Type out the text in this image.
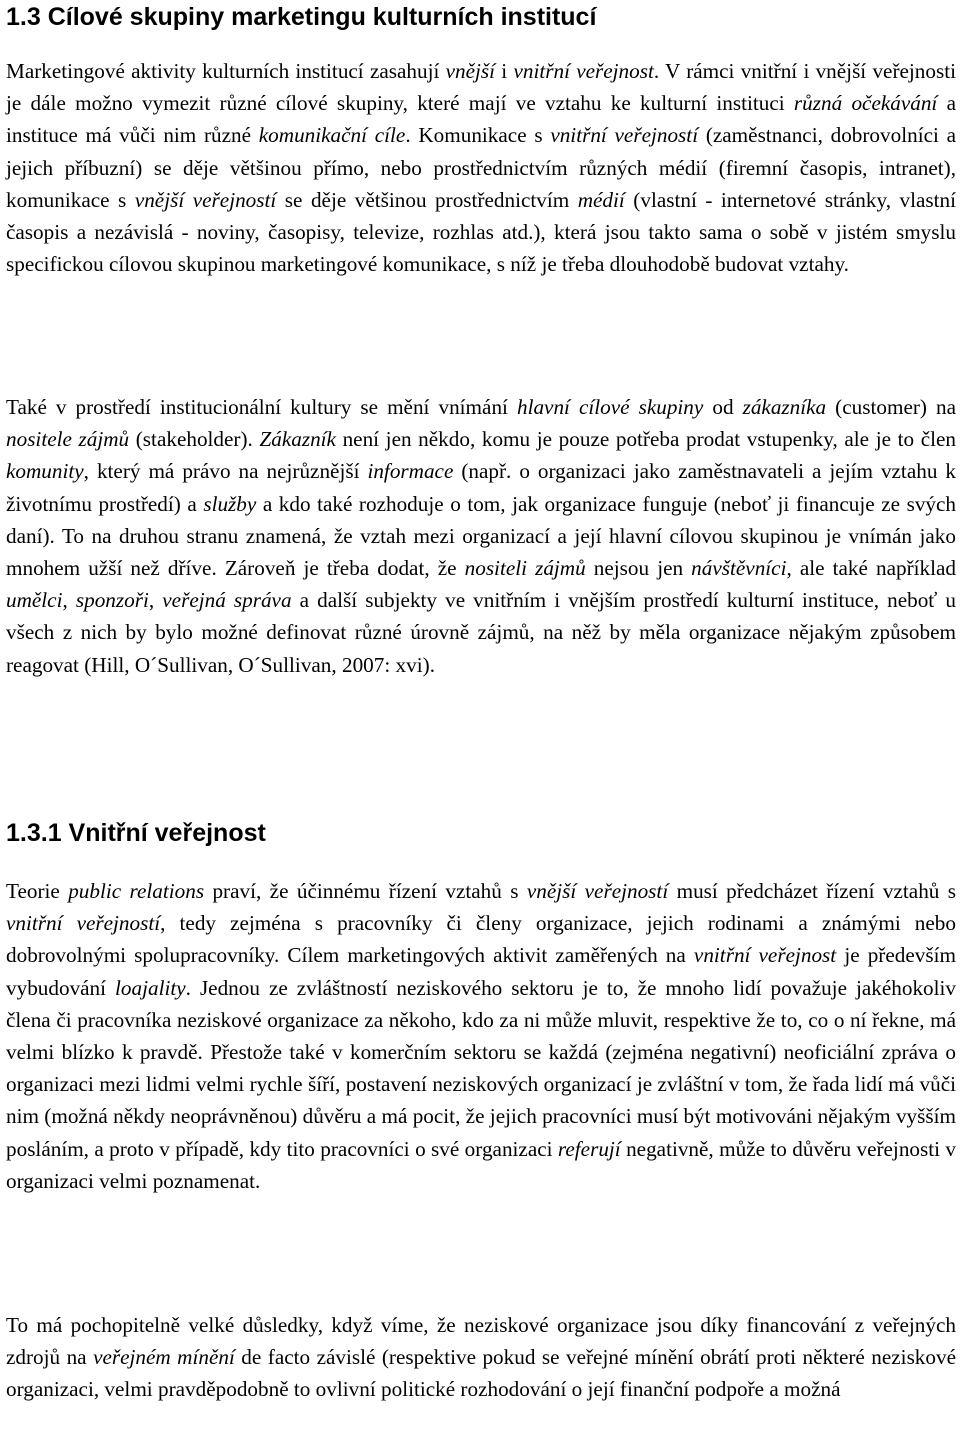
1.3 Cílové skupiny marketingu kulturních institucí

Marketingové aktivity kulturních institucí zasahují vnější i vnitřní veřejnost. V rámci vnitřní i vnější veřejnosti je dále možno vymezit různé cílové skupiny, které mají ve vztahu ke kulturní instituci různá očekávání a instituce má vůči nim různé komunikační cíle. Komunikace s vnitřní veřejností (zaměstnanci, dobrovolníci a jejich příbuzní) se děje většinou přímo, nebo prostřednictvím různých médií (firemní časopis, intranet), komunikace s vnější veřejností se děje většinou prostřednictvím médií (vlastní - internetové stránky, vlastní časopis a nezávislá - noviny, časopisy, televize, rozhlas atd.), která jsou takto sama o sobě v jistém smyslu specifickou cílovou skupinou marketingové komunikace, s níž je třeba dlouhodobě budovat vztahy.

Také v prostředí institucionální kultury se mění vnímání hlavní cílové skupiny od zákazníka (customer) na nositele zájmů (stakeholder). Zákazník není jen někdo, komu je pouze potřeba prodat vstupenky, ale je to člen komunity, který má právo na nejrůznější informace (např. o organizaci jako zaměstnavateli a jejím vztahu k životnímu prostředí) a služby a kdo také rozhoduje o tom, jak organizace funguje (neboť ji financuje ze svých daní). To na druhou stranu znamená, že vztah mezi organizací a její hlavní cílovou skupinou je vnímán jako mnohem užší než dříve. Zároveň je třeba dodat, že nositeli zájmů nejsou jen návštěvníci, ale také například umělci, sponzoři, veřejná správa a další subjekty ve vnitřním i vnějším prostředí kulturní instituce, neboť u všech z nich by bylo možné definovat různé úrovně zájmů, na něž by měla organizace nějakým způsobem reagovat (Hill, O´Sullivan, O´Sullivan, 2007: xvi).

1.3.1 Vnitřní veřejnost

Teorie public relations praví, že účinnému řízení vztahů s vnější veřejností musí předcházet řízení vztahů s vnitřní veřejností, tedy zejména s pracovníky či členy organizace, jejich rodinami a známými nebo dobrovolnými spolupracovníky. Cílem marketingových aktivit zaměřených na vnitřní veřejnost je především vybudování loajality. Jednou ze zvláštností neziskového sektoru je to, že mnoho lidí považuje jakéhokoliv člena či pracovníka neziskové organizace za někoho, kdo za ni může mluvit, respektive že to, co o ní řekne, má velmi blízko k pravdě. Přestože také v komerčním sektoru se každá (zejména negativní) neoficiální zpráva o organizaci mezi lidmi velmi rychle šíří, postavení neziskových organizací je zvláštní v tom, že řada lidí má vůči nim (možná někdy neoprávněnou) důvěru a má pocit, že jejich pracovníci musí být motivováni nějakým vyšším posláním, a proto v případě, kdy tito pracovníci o své organizaci referují negativně, může to důvěru veřejnosti v organizaci velmi poznamenat.

To má pochopitelně velké důsledky, když víme, že neziskové organizace jsou díky financování z veřejných zdrojů na veřejném mínění de facto závislé (respektive pokud se veřejné mínění obrátí proti některé neziskové organizaci, velmi pravděpodobně to ovlivní politické rozhodování o její finanční podpoře a možná
